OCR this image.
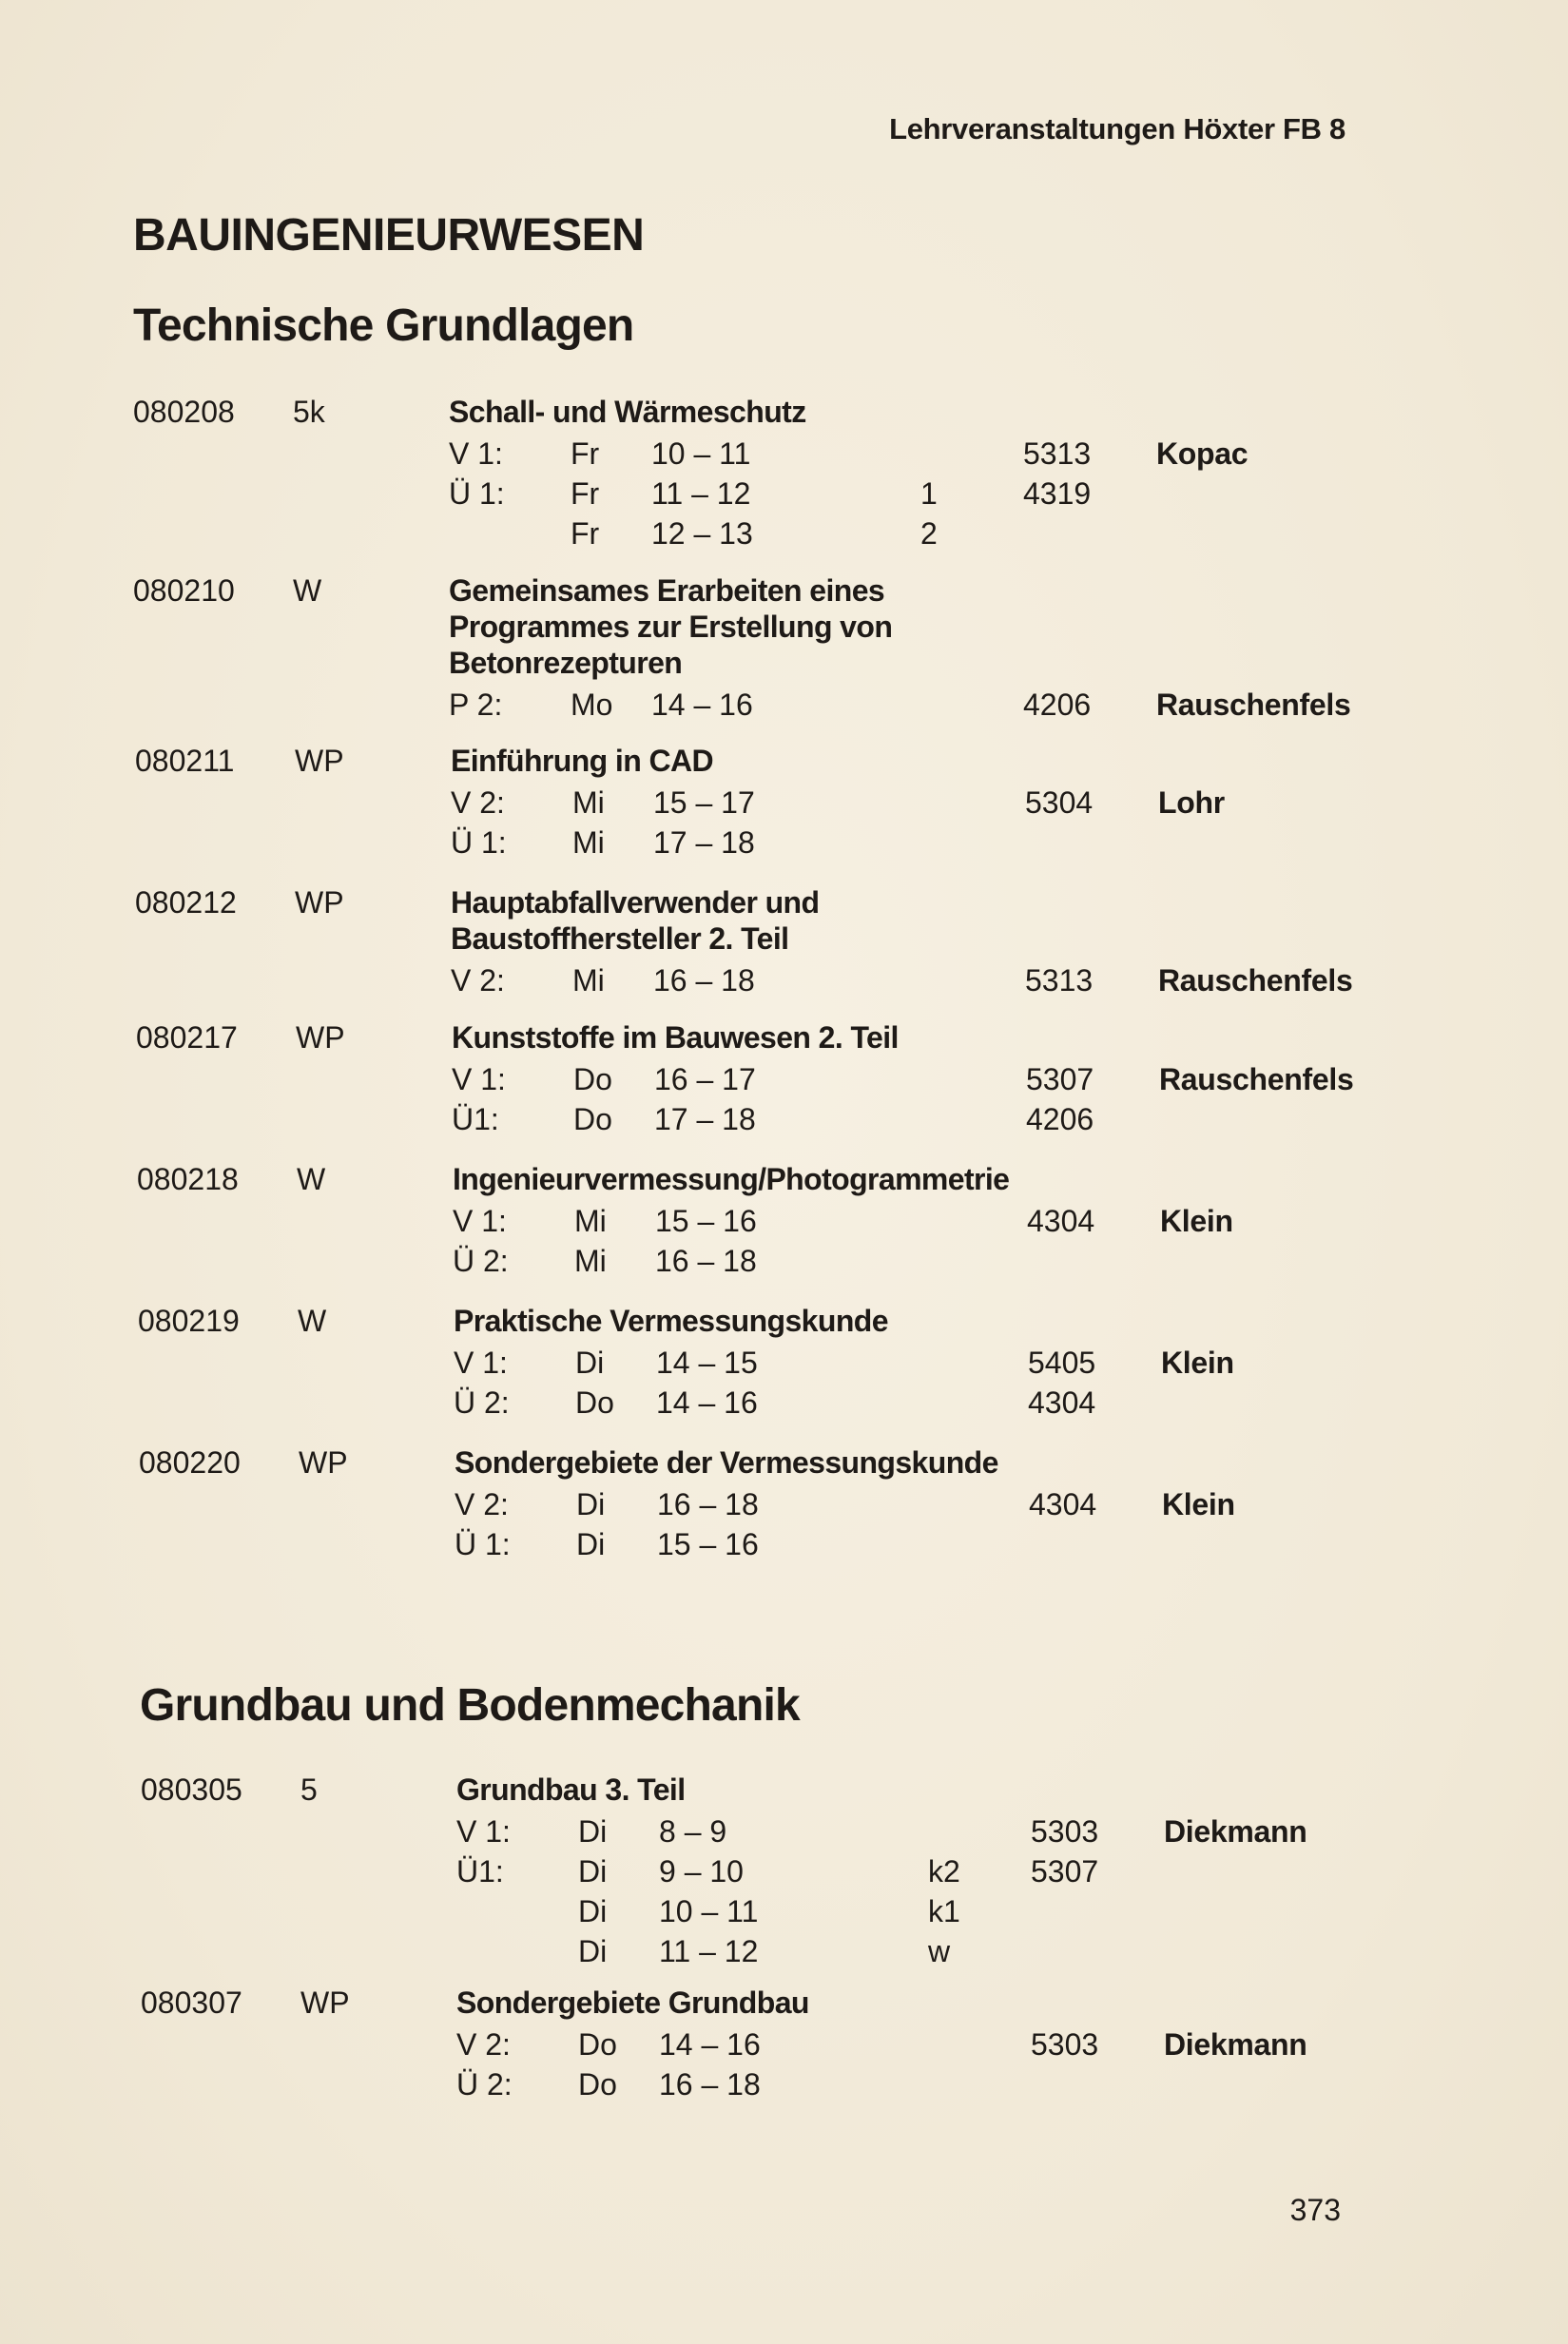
Lehrveranstaltungen Höxter FB 8
BAUINGENIEURWESEN
Technische Grundlagen
080208 5k	Schall- und Wärmeschutz
V 1: Fr 10 – 11	5313 Kopac
Ü 1: Fr 11 – 12	1	4319
Fr 12 – 13	2
080210 W	Gemeinsames Erarbeiten eines
Programmes zur Erstellung von
Betonrezepturen
P 2: Mo 14 – 16	4206 Rauschenfels
080211 WP	Einführung in CAD
V 2: Mi 15 – 17	5304 Lohr
Ü 1: Mi 17 – 18
080212 WP	Hauptabfallverwender und
Baustoffhersteller 2. Teil
V 2: Mi 16 – 18	5313 Rauschenfels
080217 WP	Kunststoffe im Bauwesen 2. Teil
V 1: Do 16 – 17	5307 Rauschenfels
Ü1: Do 17 – 18	4206
080218 W	Ingenieurvermessung/Photogrammetrie
V 1: Mi 15 – 16	4304 Klein
Ü 2: Mi 16 – 18
080219 W	Praktische Vermessungskunde
V 1: Di 14 – 15	5405 Klein
Ü 2: Do 14 – 16	4304
080220 WP	Sondergebiete der Vermessungskunde
V 2: Di 16 – 18	4304 Klein
Ü 1: Di 15 – 16
Grundbau und Bodenmechanik
080305 5	Grundbau 3. Teil
V 1: Di 8 – 9	5303 Diekmann
Ü1: Di 9 – 10	k2 5307
Di 10 – 11	k1
Di 11 – 12	w
080307 WP	Sondergebiete Grundbau
V 2: Do 14 – 16	5303 Diekmann
Ü 2: Do 16 – 18
373
